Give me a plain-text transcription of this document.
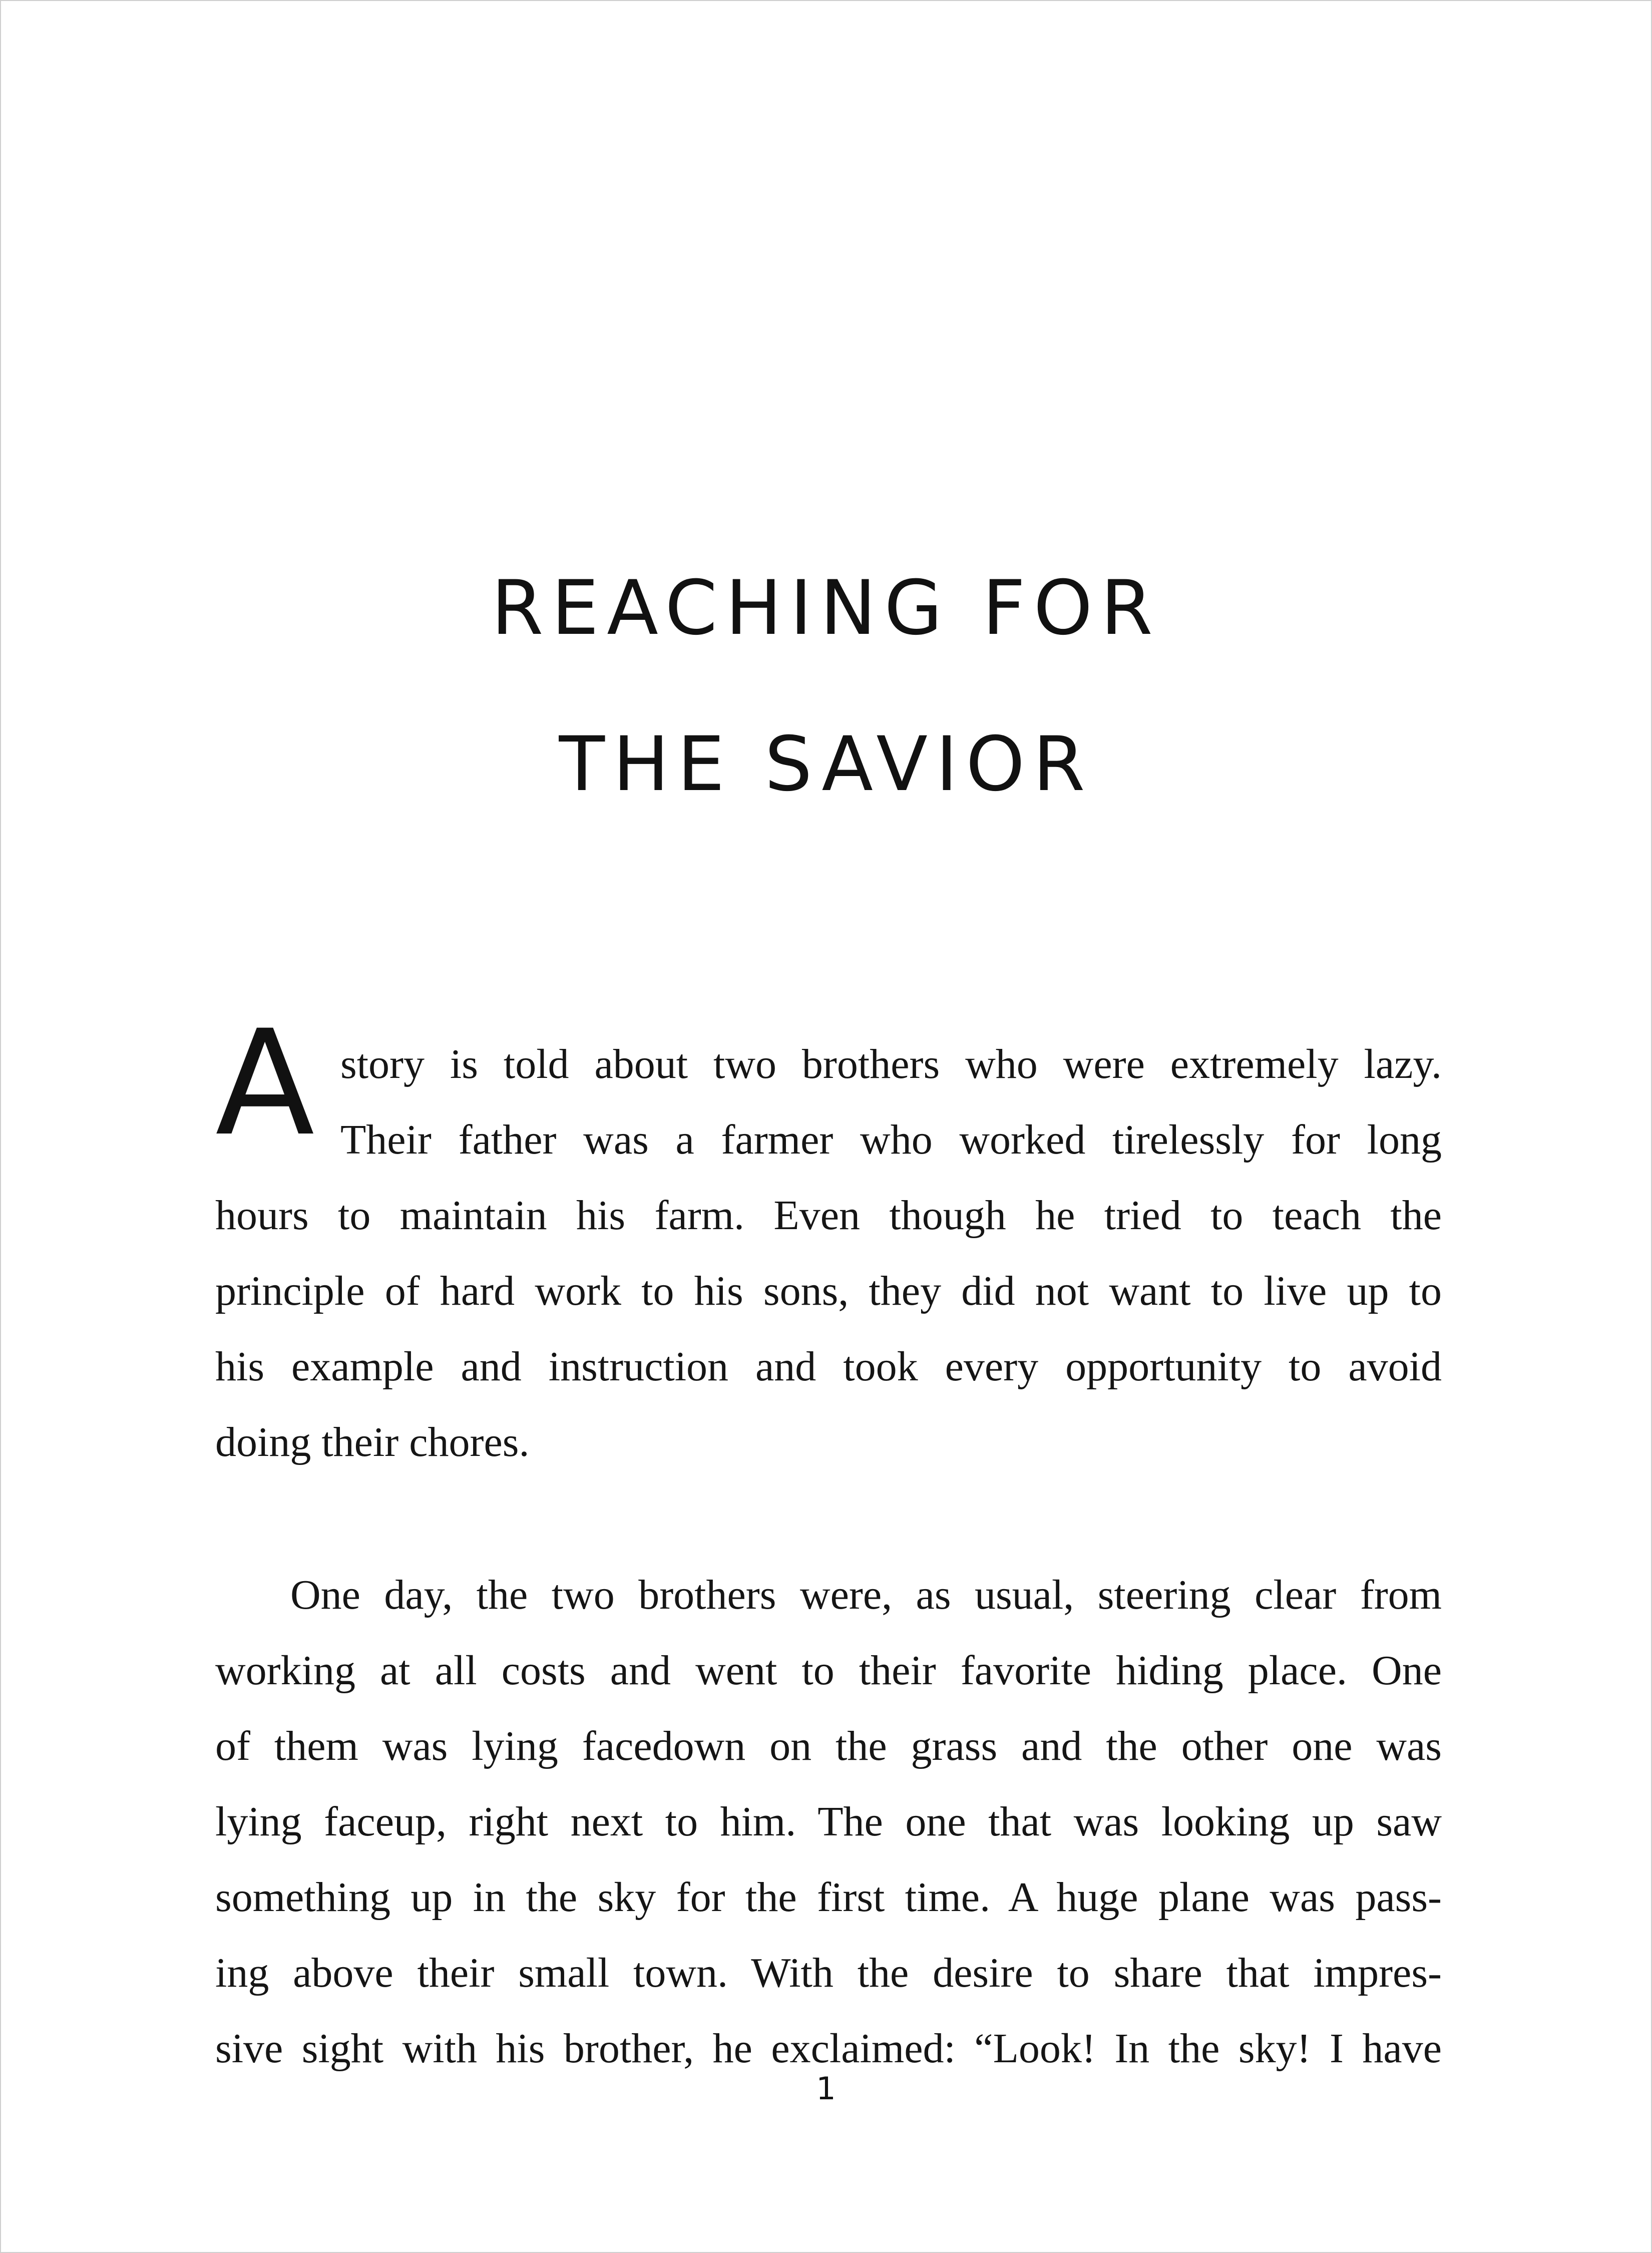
REACHING FOR
THE SAVIOR
A story is told about two brothers who were extremely lazy.
Their father was a farmer who worked tirelessly for long
hours to maintain his farm. Even though he tried to teach the
principle of hard work to his sons, they did not want to live up to
his example and instruction and took every opportunity to avoid
doing their chores.
One day, the two brothers were, as usual, steering clear from
working at all costs and went to their favorite hiding place. One
of them was lying facedown on the grass and the other one was
lying faceup, right next to him. The one that was looking up saw
something up in the sky for the first time. A huge plane was pass-
ing above their small town. With the desire to share that impres-
sive sight with his brother, he exclaimed: “Look! In the sky! I have
1
